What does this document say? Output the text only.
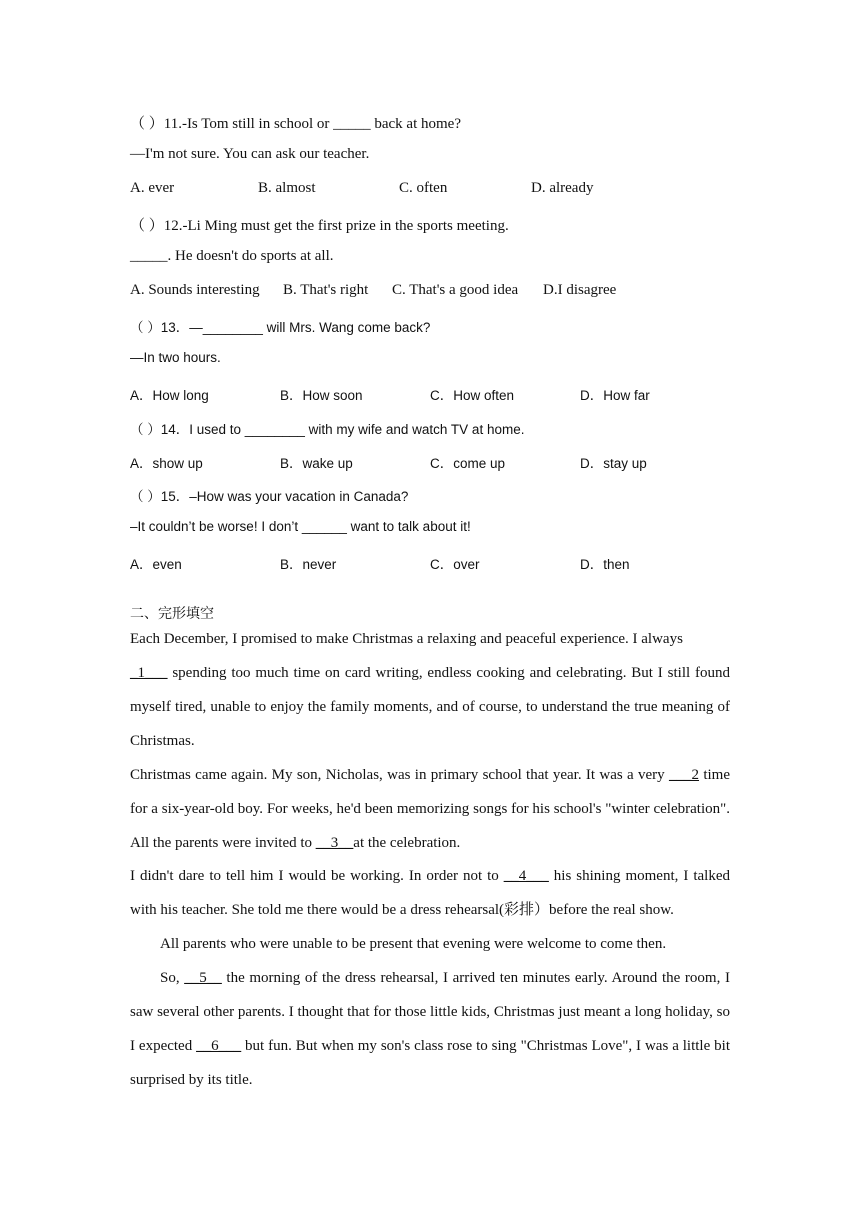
（ ）11.-Is Tom still in school or _____ back at home?
—I'm not sure. You can ask our teacher.
A. ever	B. almost	C. often	D. already
（ ）12.-Li Ming must get the first prize in the sports meeting.
_____. He doesn't do sports at all.
A. Sounds interesting B. That's right C. That's a good idea D.I disagree
（ ）13．—________ will Mrs. Wang come back?
—In two hours.
A．How long	B．How soon	C．How often	D．How far
（ ）14．I used to ________ with my wife and watch TV at home.
A．show up	B．wake up	C．come up	D．stay up
（ ）15．–How was your vacation in Canada?
–It couldn’t be worse! I don’t ______ want to talk about it!
A．even	B．never	C．over	D．then
二、完形填空
Each December, I promised to make Christmas a relaxing and peaceful experience. I always
_1___ spending too much time on card writing, endless cooking and celebrating. But I still found myself tired, unable to enjoy the family moments, and of course, to understand the true meaning of Christmas.
Christmas came again. My son, Nicholas, was in primary school that year. It was a very ___2 time for a six-year-old boy. For weeks, he'd been memorizing songs for his school's "winter celebration". All the parents were invited to __3__at the celebration.
I didn't dare to tell him I would be working. In order not to __4___ his shining moment, I talked with his teacher. She told me there would be a dress rehearsal(彩排）before the real show.
All parents who were unable to be present that evening were welcome to come then.
So, __5__ the morning of the dress rehearsal, I arrived ten minutes early. Around the room, I saw several other parents. I thought that for those little kids, Christmas just meant a long holiday, so I expected __6___ but fun. But when my son's class rose to sing "Christmas Love", I was a little bit surprised by its title.
